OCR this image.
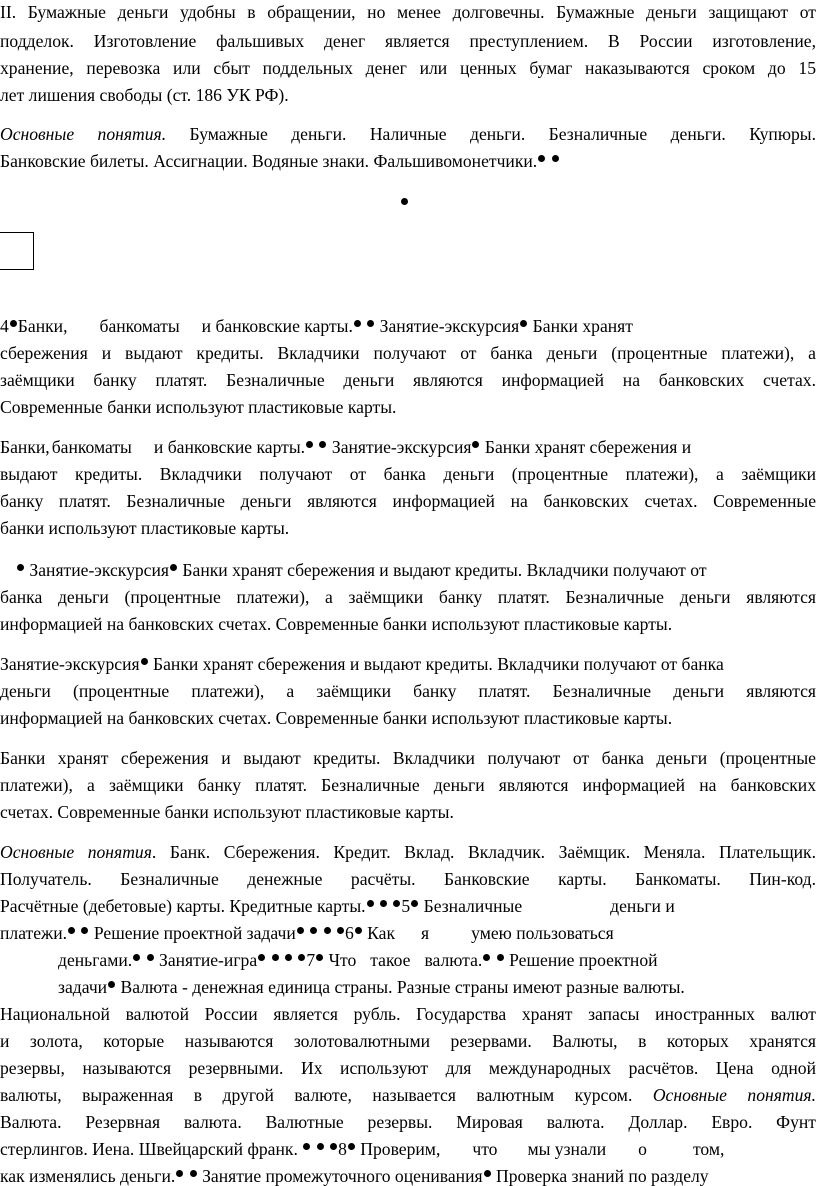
II. Бумажные деньги удобны в обращении, но менее долговечны. Бумажные деньги защищают от
подделок. Изготовление фальшивых денег является преступлением. В России изготовление,
хранение, перевозка или сбыт поддельных денег или ценных бумаг наказываются сроком до 15
лет лишения свободы (ст. 186 УК РФ).
Основные понятия. Бумажные деньги. Наличные деньги. Безналичные деньги. Купюры.
Банковские билеты. Ассигнации. Водяные знаки. Фальшивомонетчики.
4 Банки, банкоматы и банковские карты. Занятие-экскурсия Банки хранят
сбережения и выдают кредиты. Вкладчики получают от банка деньги (процентные платежи), а
заёмщики банку платят. Безналичные деньги являются информацией на банковских счетах.
Современные банки используют пластиковые карты.
Банки, банкоматы и банковские карты. Занятие-экскурсия Банки хранят сбережения и
выдают кредиты. Вкладчики получают от банка деньги (процентные платежи), а заёмщики
банку платят. Безналичные деньги являются информацией на банковских счетах. Современные
банки используют пластиковые карты.
Занятие-экскурсия Банки хранят сбережения и выдают кредиты. Вкладчики получают от
банка деньги (процентные платежи), а заёмщики банку платят. Безналичные деньги являются
информацией на банковских счетах. Современные банки используют пластиковые карты.
Занятие-экскурсия Банки хранят сбережения и выдают кредиты. Вкладчики получают от банка
деньги (процентные платежи), а заёмщики банку платят. Безналичные деньги являются
информацией на банковских счетах. Современные банки используют пластиковые карты.
Банки хранят сбережения и выдают кредиты. Вкладчики получают от банка деньги (процентные
платежи), а заёмщики банку платят. Безналичные деньги являются информацией на банковских
счетах. Современные банки используют пластиковые карты.
Основные понятия. Банк. Сбережения. Кредит. Вклад. Вкладчик. Заёмщик. Меняла. Плательщик.
Получатель. Безналичные денежные расчёты. Банковские карты. Банкоматы. Пин-код.
Расчётные (дебетовые) карты. Кредитные карты. 5 Безналичные	деньги и
платежи. Решение проектной задачи	6 Как я умею пользоваться
деньгами. Занятие-игра	7 Что такое валюта. Решение проектной
задачи Валюта - денежная единица страны. Разные страны имеют разные валюты.
Национальной валютой России является рубль. Государства хранят запасы иностранных валют
и золота, которые называются золотовалютными резервами. Валюты, в которых хранятся
резервы, называются резервными. Их используют для международных расчётов. Цена одной
валюты, выраженная в другой валюте, называется валютным курсом. Основные понятия.
Валюта. Резервная валюта. Валютные резервы. Мировая валюта. Доллар. Евро. Фунт
стерлингов. Иена. Швейцарский франк. 8 Проверим, что мы узнали о	том,
как изменялись деньги. Занятие промежуточного оценивания Проверка знаний по разделу
